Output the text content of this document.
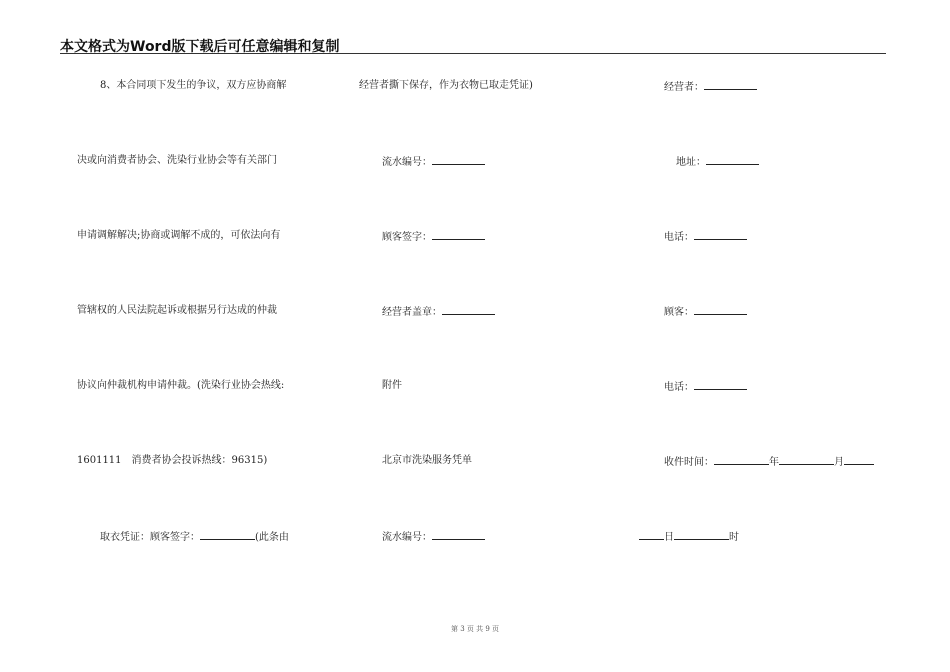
本文格式为Word版下载后可任意编辑和复制
8、本合同项下发生的争议，双方应协商解
决或向消费者协会、洗染行业协会等有关部门
申请调解解决;协商或调解不成的，可依法向有
管辖权的人民法院起诉或根据另行达成的仲裁
协议向仲裁机构申请仲裁。(洗染行业协会热线:
1601111　消费者协会投诉热线：96315)
取衣凭证：顾客签字：	(此条由
经营者撕下保存，作为衣物已取走凭证)
流水编号：
顾客签字：
经营者盖章：
附件
北京市洗染服务凭单
流水编号：
经营者：
地址：
电话：
顾客：
电话：
收件时间：	年	月
日	时
第 3 页 共 9 页
